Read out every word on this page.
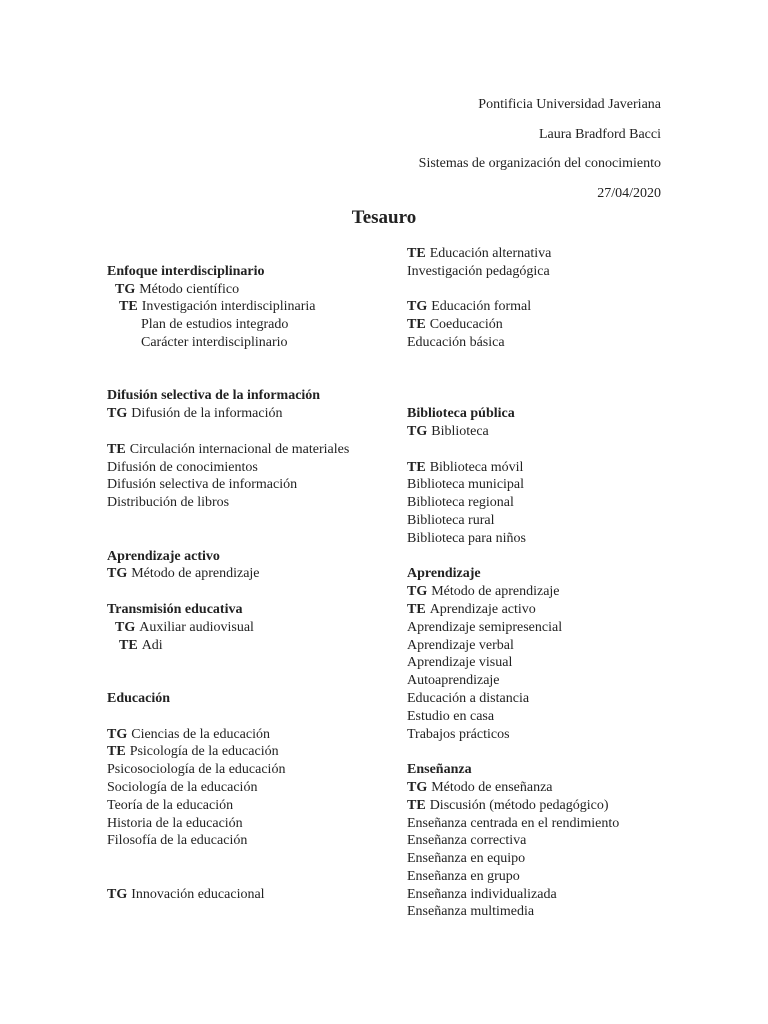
Pontificia Universidad Javeriana
Laura Bradford Bacci
Sistemas de organización del conocimiento
27/04/2020
Tesauro
Enfoque interdisciplinario
TG Método científico
TE Investigación interdisciplinaria
Plan de estudios integrado
Carácter interdisciplinario
Difusión selectiva de la información
TG Difusión de la información
TE Circulación internacional de materiales
Difusión de conocimientos
Difusión selectiva de información
Distribución de libros
Aprendizaje activo
TG Método de aprendizaje
Transmisión educativa
TG Auxiliar audiovisual
TE Adi
Educación
TG Ciencias de la educación
TE Psicología de la educación
Psicosociología de la educación
Sociología de la educación
Teoría de la educación
Historia de la educación
Filosofía de la educación
TG Innovación educacional
TE Educación alternativa
Investigación pedagógica
TG Educación formal
TE Coeducación
Educación básica
Biblioteca pública
TG Biblioteca
TE Biblioteca móvil
Biblioteca municipal
Biblioteca regional
Biblioteca rural
Biblioteca para niños
Aprendizaje
TG Método de aprendizaje
TE Aprendizaje activo
Aprendizaje semipresencial
Aprendizaje verbal
Aprendizaje visual
Autoaprendizaje
Educación a distancia
Estudio en casa
Trabajos prácticos
Enseñanza
TG Método de enseñanza
TE Discusión (método pedagógico)
Enseñanza centrada en el rendimiento
Enseñanza correctiva
Enseñanza en equipo
Enseñanza en grupo
Enseñanza individualizada
Enseñanza multimedia
